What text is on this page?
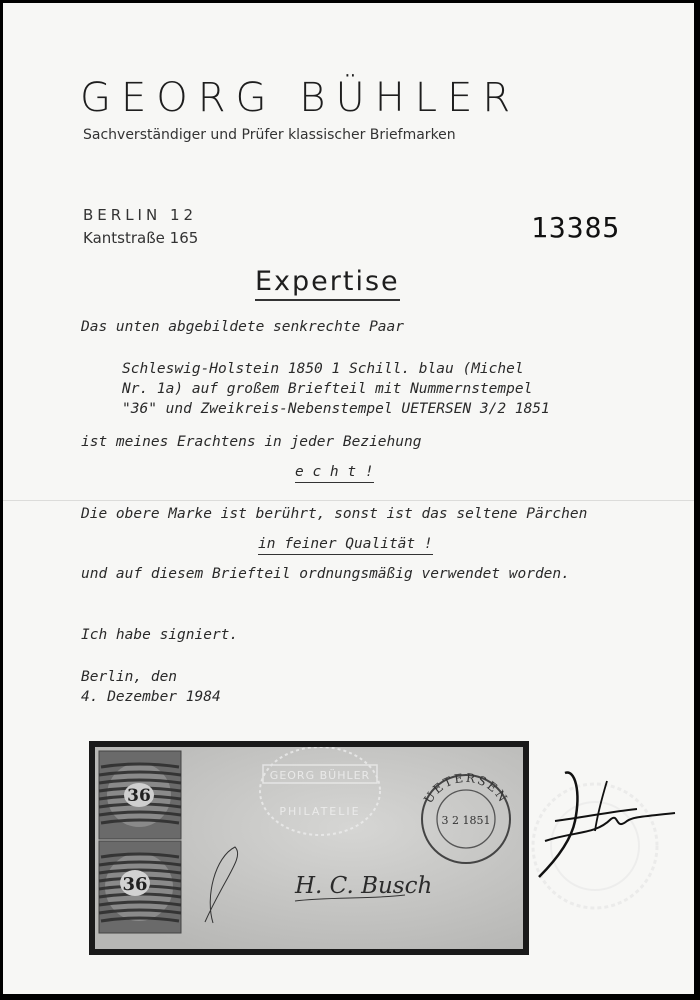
GEORG BÜHLER
Sachverständiger und Prüfer klassischer Briefmarken
BERLIN 12
Kantstraße 165	13385
Expertise
Das unten abgebildete senkrechte Paar
Schleswig-Holstein 1850 1 Schill. blau (Michel
Nr. 1a) auf großem Briefteil mit Nummernstempel
"36" und Zweikreis-Nebenstempel UETERSEN 3/2 1851
ist meines Erachtens in jeder Beziehung
e c h t !
Die obere Marke ist berührt, sonst ist das seltene Pärchen
in feiner Qualität !
und auf diesem Briefteil ordnungsmäßig verwendet worden.
Ich habe signiert.
Berlin, den
4. Dezember 1984
36
36
GEORG BÜHLER
PHILATELIE
UETERSEN
3 2 1851
H. C. Busch
